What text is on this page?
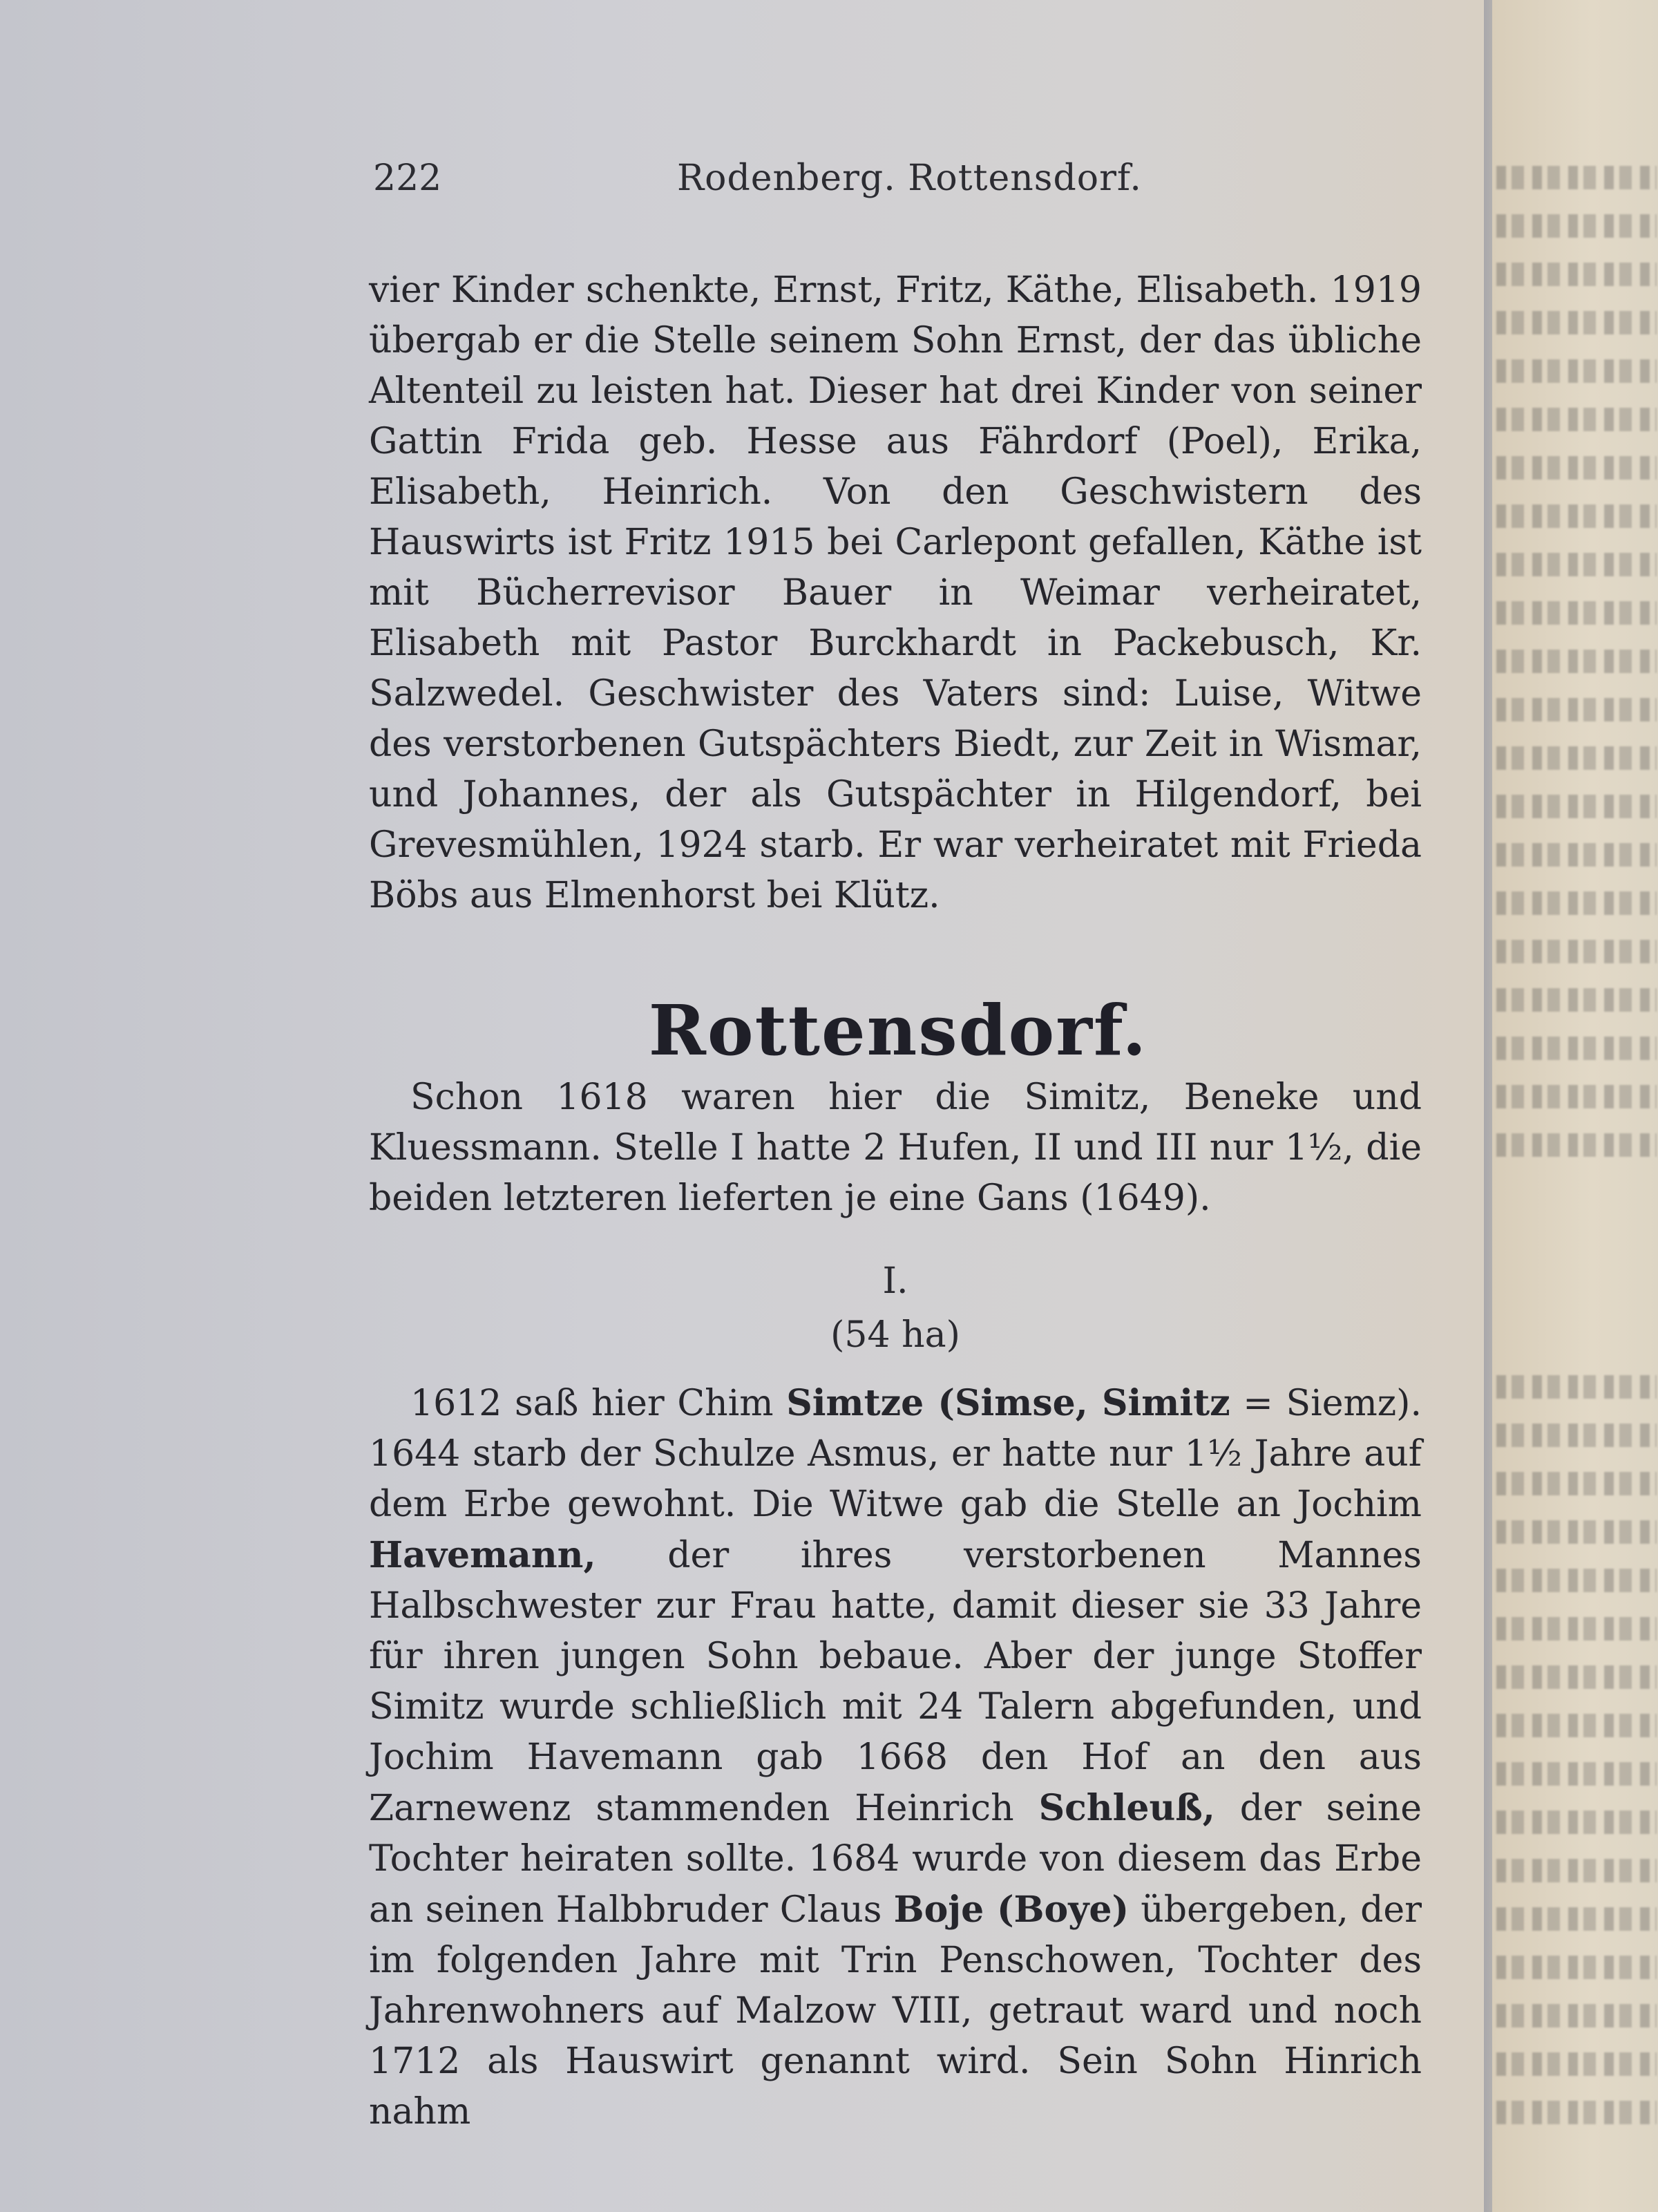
222	Rodenberg. Rottensdorf.

vier Kinder schenkte, Ernst, Fritz, Käthe, Elisabeth. 1919 übergab er die Stelle seinem Sohn Ernst, der das übliche Altenteil zu leisten hat. Dieser hat drei Kinder von seiner Gattin Frida geb. Hesse aus Fährdorf (Poel), Erika, Elisabeth, Heinrich. Von den Geschwistern des Hauswirts ist Fritz 1915 bei Carlepont gefallen, Käthe ist mit Bücherrevisor Bauer in Weimar verheiratet, Elisabeth mit Pastor Burckhardt in Packebusch, Kr. Salzwedel. Geschwister des Vaters sind: Luise, Witwe des verstorbenen Gutspächters Biedt, zur Zeit in Wismar, und Johannes, der als Gutspächter in Hilgendorf, bei Grevesmühlen, 1924 starb. Er war verheiratet mit Frieda Böbs aus Elmenhorst bei Klütz.

Rottensdorf.

Schon 1618 waren hier die Simitz, Beneke und Kluessmann. Stelle I hatte 2 Hufen, II und III nur 1½, die beiden letzteren lieferten je eine Gans (1649).

I.
(54 ha)

1612 saß hier Chim Simtze (Simse, Simitz = Siemz). 1644 starb der Schulze Asmus, er hatte nur 1½ Jahre auf dem Erbe gewohnt. Die Witwe gab die Stelle an Jochim Havemann, der ihres verstorbenen Mannes Halbschwester zur Frau hatte, damit dieser sie 33 Jahre für ihren jungen Sohn bebaue. Aber der junge Stoffer Simitz wurde schließlich mit 24 Talern abgefunden, und Jochim Havemann gab 1668 den Hof an den aus Zarnewenz stammenden Heinrich Schleuß, der seine Tochter heiraten sollte. 1684 wurde von diesem das Erbe an seinen Halbbruder Claus Boje (Boye) übergeben, der im folgenden Jahre mit Trin Penschowen, Tochter des Jahrenwohners auf Malzow VIII, getraut ward und noch 1712 als Hauswirt genannt wird. Sein Sohn Hinrich nahm
